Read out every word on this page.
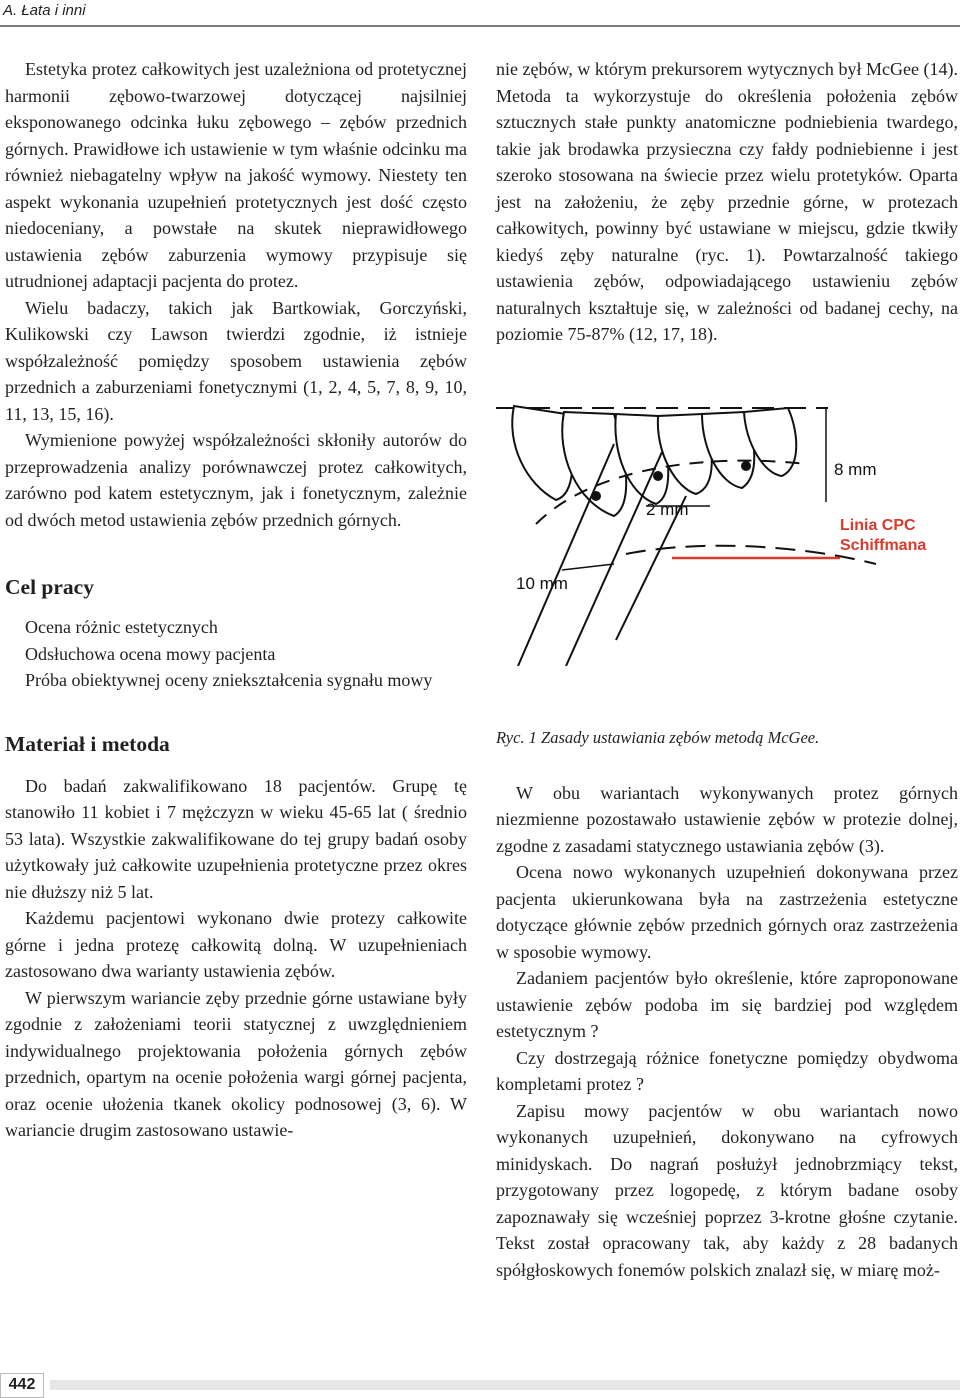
A. Łata i inni

Estetyka protez całkowitych jest uzależniona od protetycznej harmonii zębowo-twarzowej dotyczącej najsilniej eksponowanego odcinka łuku zębowego – zębów przednich górnych. Prawidłowe ich ustawienie w tym właśnie odcinku ma również niebagatelny wpływ na jakość wymowy. Niestety ten aspekt wykonania uzupełnień protetycznych jest dość często niedoceniany, a powstałe na skutek nieprawidłowego ustawienia zębów zaburzenia wymowy przypisuje się utrudnionej adaptacji pacjenta do protez.

Wielu badaczy, takich jak Bartkowiak, Gorczyński, Kulikowski czy Lawson twierdzi zgodnie, iż istnieje współzależność pomiędzy sposobem ustawienia zębów przednich a zaburzeniami fonetycznymi (1, 2, 4, 5, 7, 8, 9, 10, 11, 13, 15, 16).

Wymienione powyżej współzależności skłoniły autorów do przeprowadzenia analizy porównawczej protez całkowitych, zarówno pod katem estetycznym, jak i fonetycznym, zależnie od dwóch metod ustawienia zębów przednich górnych.

Cel pracy
Ocena różnic estetycznych
Odsłuchowa ocena mowy pacjenta

Próba obiektywnej oceny zniekształcenia sygnału mowy

Materiał i metoda

Do badań zakwalifikowano 18 pacjentów. Grupę tę stanowiło 11 kobiet i 7 mężczyzn w wieku 45-65 lat ( średnio 53 lata). Wszystkie zakwalifikowane do tej grupy badań osoby użytkowały już całkowite uzupełnienia protetyczne przez okres nie dłuższy niż 5 lat.

Każdemu pacjentowi wykonano dwie protezy całkowite górne i jedna protezę całkowitą dolną. W uzupełnieniach zastosowano dwa warianty ustawienia zębów.

W pierwszym wariancie zęby przednie górne ustawiane były zgodnie z założeniami teorii statycznej z uwzględnieniem indywidualnego projektowania położenia górnych zębów przednich, opartym na ocenie położenia wargi górnej pacjenta, oraz ocenie ułożenia tkanek okolicy podnosowej (3, 6). W wariancie drugim zastosowano ustawie-

nie zębów, w którym prekursorem wytycznych był McGee (14). Metoda ta wykorzystuje do określenia położenia zębów sztucznych stałe punkty anatomiczne podniebienia twardego, takie jak brodawka przysieczna czy fałdy podniebienne i jest szeroko stosowana na świecie przez wielu protetyków. Oparta jest na założeniu, że zęby przednie górne, w protezach całkowitych, powinny być ustawiane w miejscu, gdzie tkwiły kiedyś zęby naturalne (ryc. 1). Powtarzalność takiego ustawienia zębów, odpowiadającego ustawieniu zębów naturalnych kształtuje się, w zależności od badanej cechy, na poziomie 75-87% (12, 17, 18).

8 mm
2 mm
10 mm
Linia CPC
Schiffmana
Ryc. 1 Zasady ustawiania zębów metodą McGee.

W obu wariantach wykonywanych protez górnych niezmienne pozostawało ustawienie zębów w protezie dolnej, zgodne z zasadami statycznego ustawiania zębów (3).

Ocena nowo wykonanych uzupełnień dokonywana przez pacjenta ukierunkowana była na zastrzeżenia estetyczne dotyczące głównie zębów przednich górnych oraz zastrzeżenia w sposobie wymowy.

Zadaniem pacjentów było określenie, które zaproponowane ustawienie zębów podoba im się bardziej pod względem estetycznym ?

Czy dostrzegają różnice fonetyczne pomiędzy obydwoma kompletami protez ?

Zapisu mowy pacjentów w obu wariantach nowo wykonanych uzupełnień, dokonywano na cyfrowych minidyskach. Do nagrań posłużył jednobrzmiący tekst, przygotowany przez logopedę, z którym badane osoby zapoznawały się wcześniej poprzez 3-krotne głośne czytanie. Tekst został opracowany tak, aby każdy z 28 badanych spółgłoskowych fonemów polskich znalazł się, w miarę moż-

442
